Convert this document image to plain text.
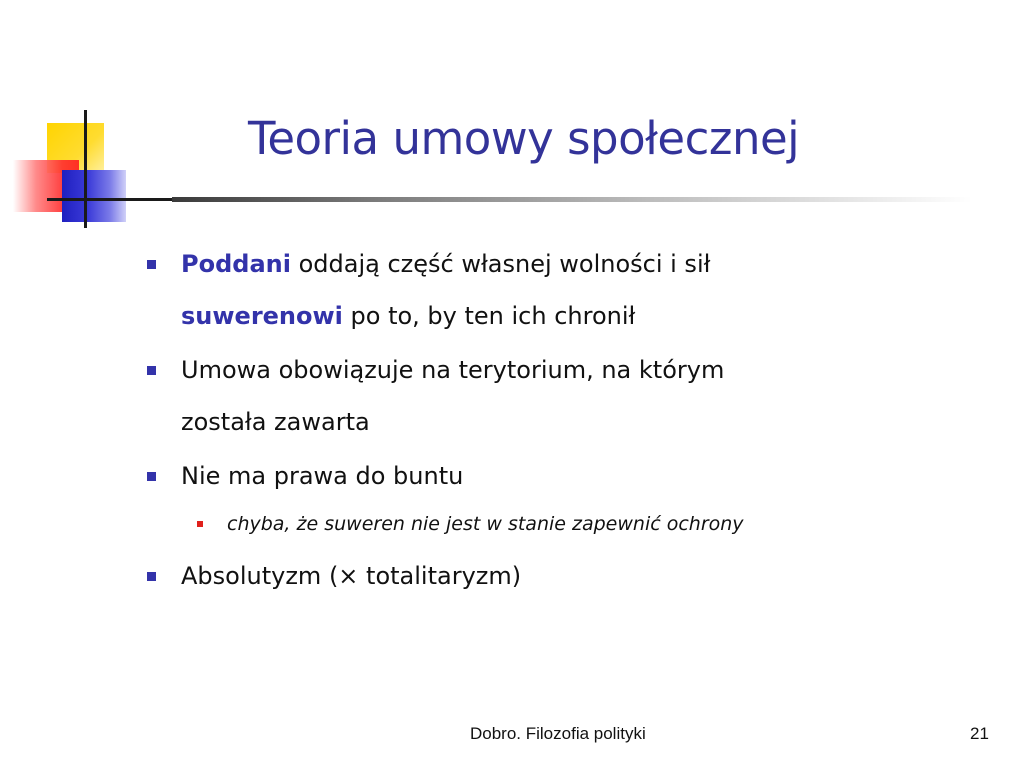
Teoria umowy społecznej
Poddani oddają część własnej wolności i sił
suwerenowi po to, by ten ich chronił
Umowa obowiązuje na terytorium, na którym
została zawarta
Nie ma prawa do buntu
chyba, że suweren nie jest w stanie zapewnić ochrony
Absolutyzm (× totalitaryzm)
Dobro. Filozofia polityki	21
